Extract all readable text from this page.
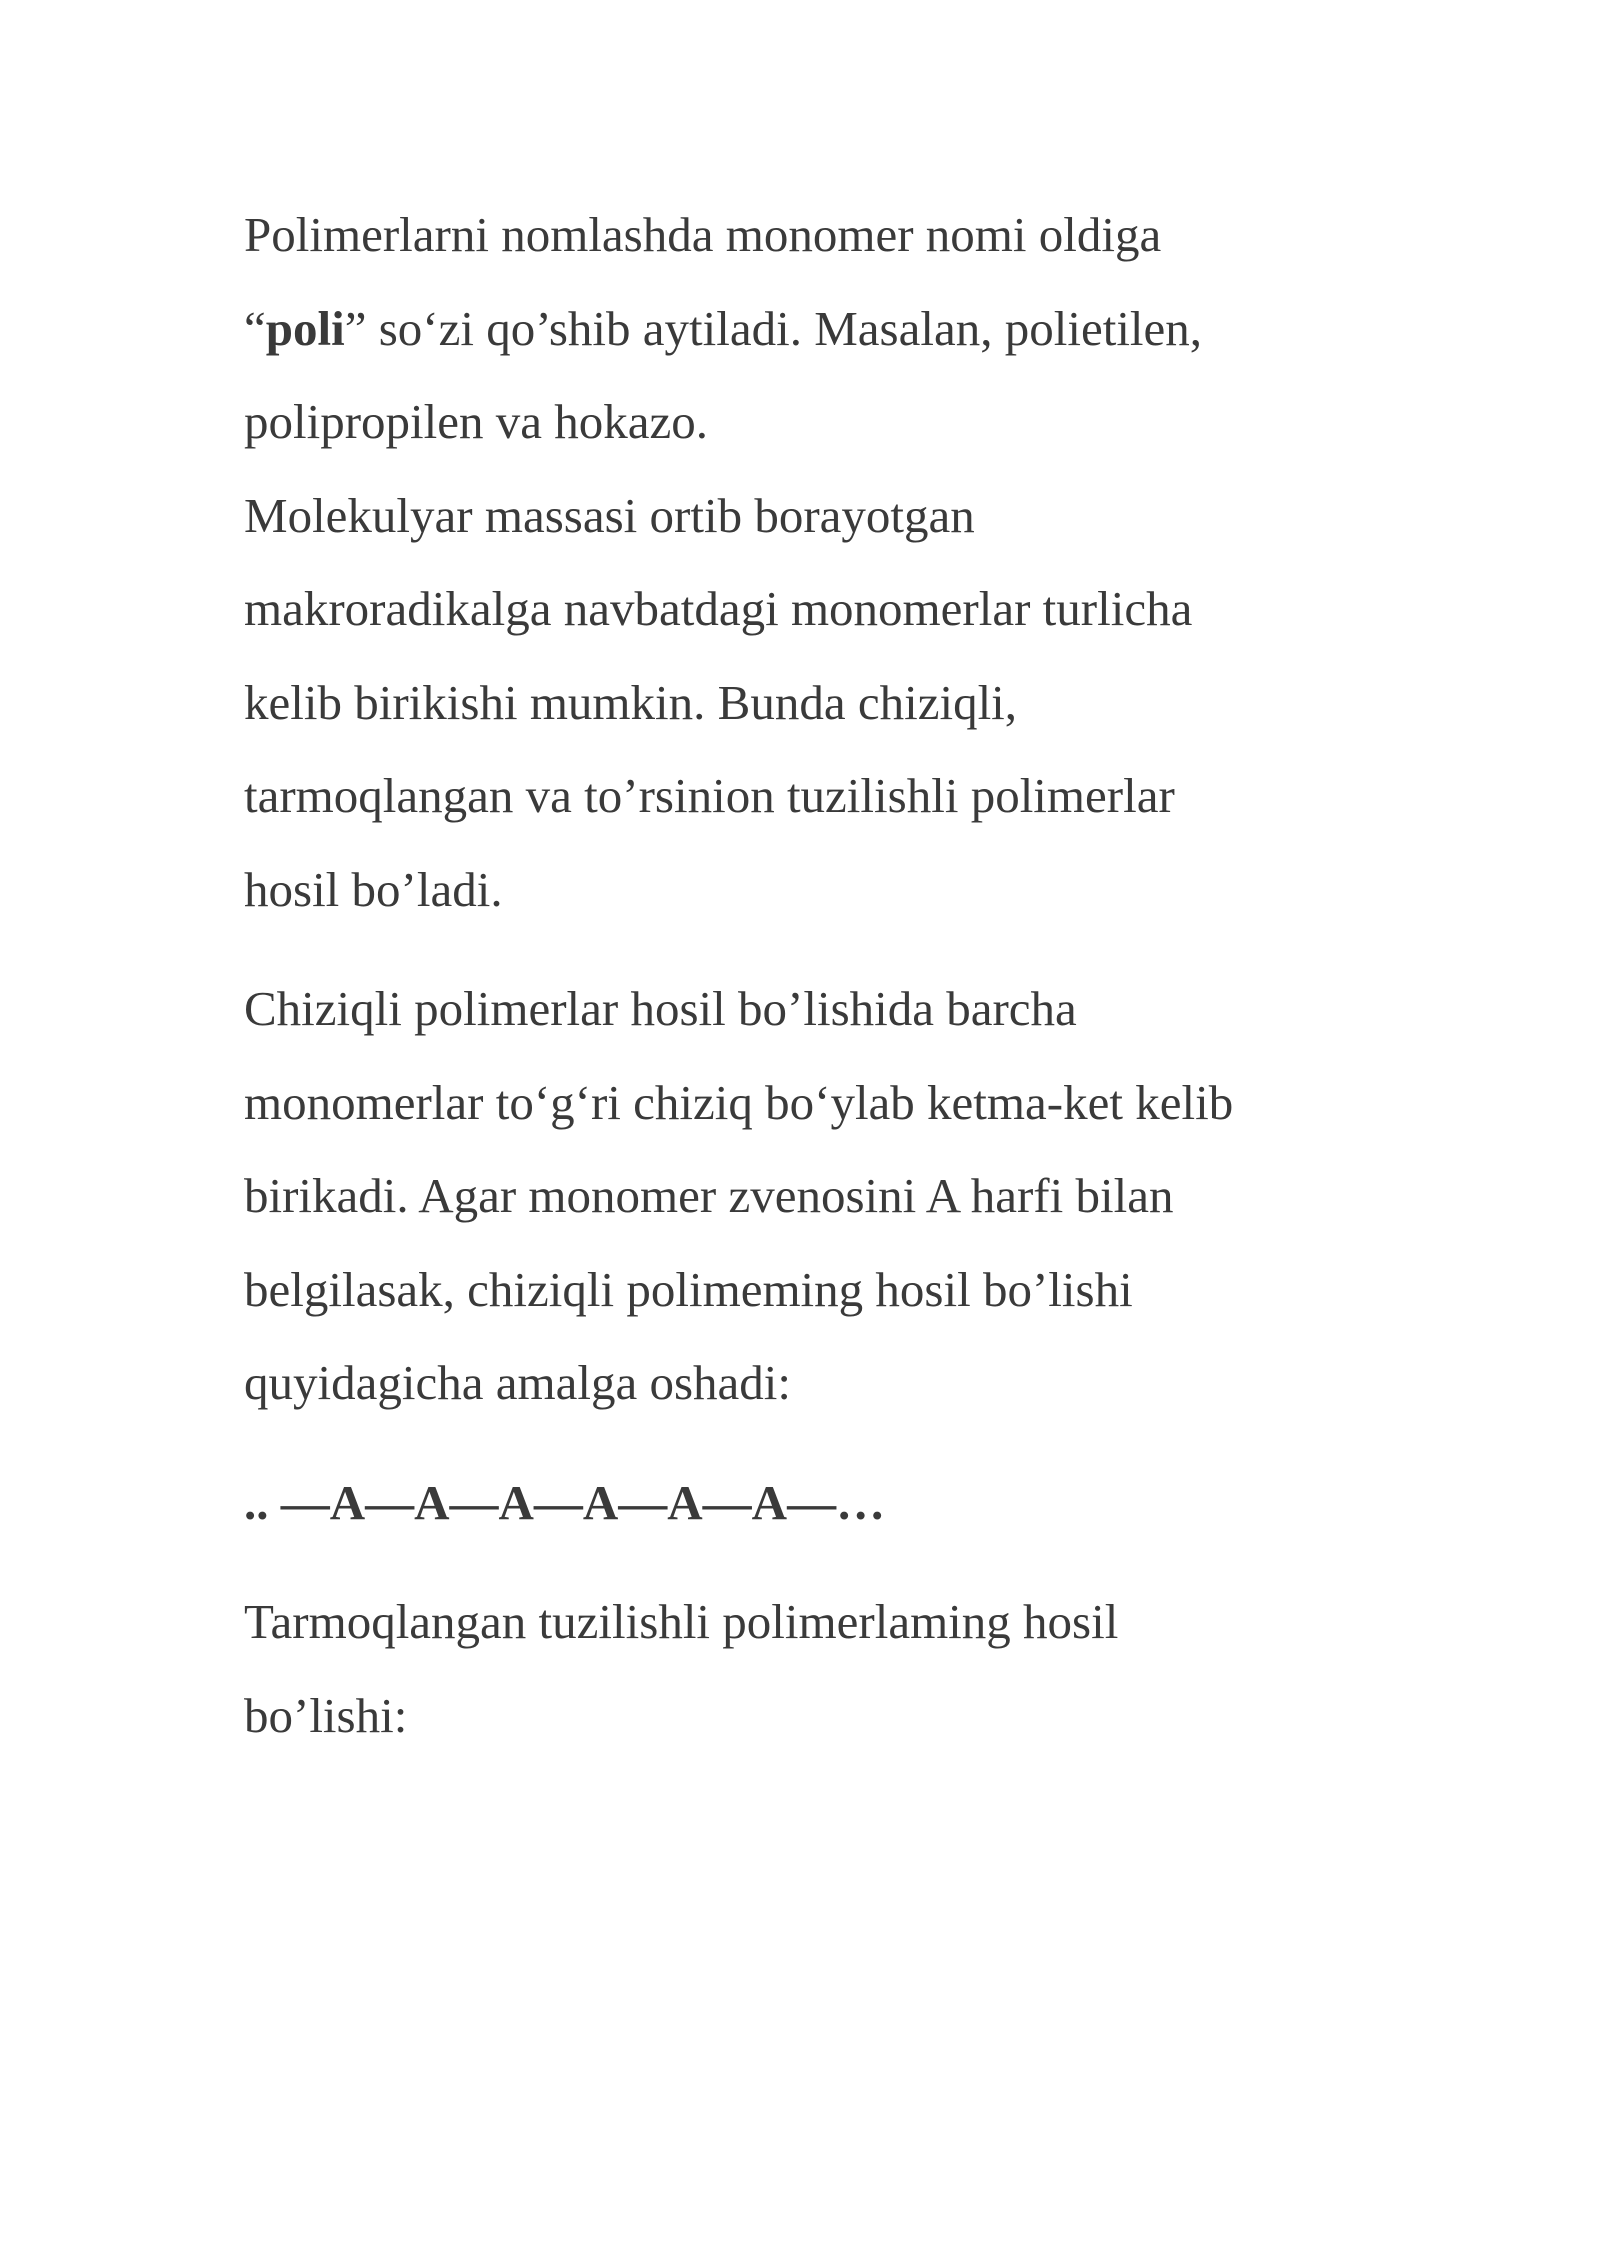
Polimerlarni nomlashda monomer nomi oldiga
“poli” so‘zi qo’shib aytiladi. Masalan, polietilen,
polipropilen va hokazo.
Molekulyar massasi ortib borayotgan
makroradikalga navbatdagi monomerlar turlicha
kelib birikishi mumkin. Bunda chiziqli,
tarmoqlangan va to’rsinion tuzilishli polimerlar
hosil bo’ladi.
Chiziqli polimerlar hosil bo’lishida barcha
monomerlar to‘g‘ri chiziq bo‘ylab ketma-ket kelib
birikadi. Agar monomer zvenosini A harfi bilan
belgilasak, chiziqli polimeming hosil bo’lishi
quyidagicha amalga oshadi:
.. —A—A—A—A—A—A—…
Tarmoqlangan tuzilishli polimerlaming hosil
bo’lishi:
